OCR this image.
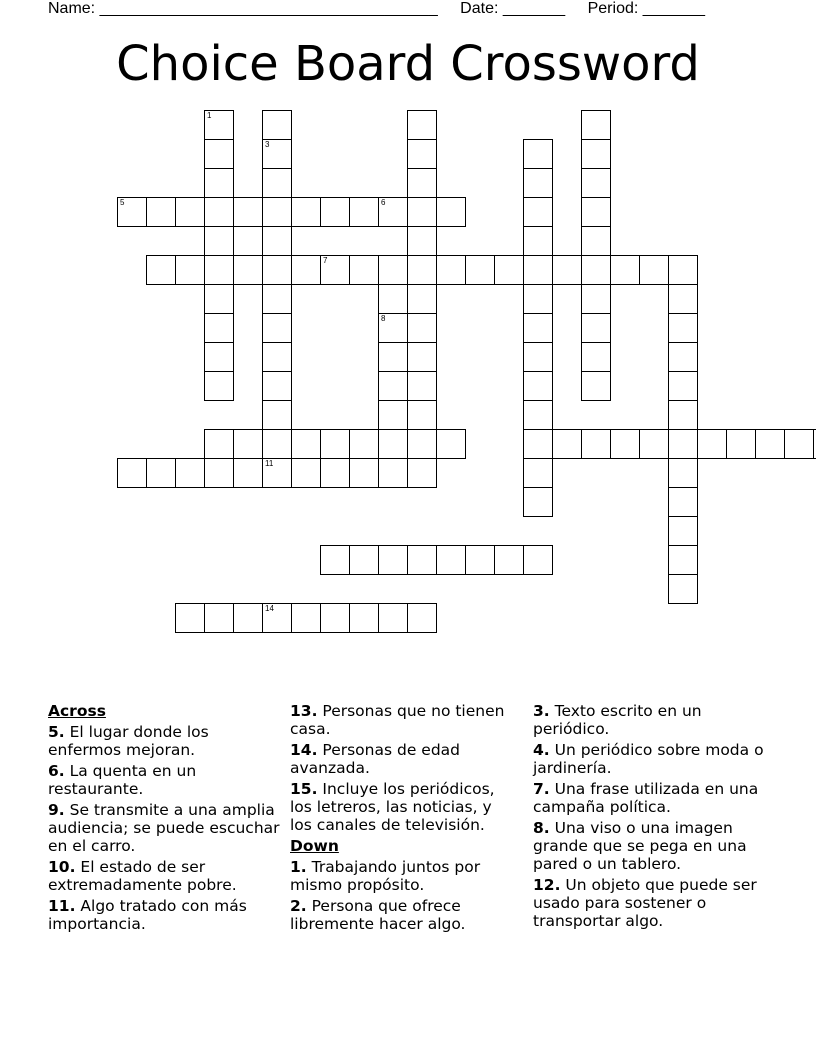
Name: ______________________________________ Date: _______ Period: _______
Choice Board Crossword
5	6
7
11
14
1
3
8
Across
5. El lugar donde los enfermos mejoran.
6. La quenta en un restaurante.
9. Se transmite a una amplia audiencia; se puede escuchar en el carro.
10. El estado de ser extremadamente pobre.
11. Algo tratado con más importancia.
13. Personas que no tienen casa.
14. Personas de edad avanzada.
15. Incluye los periódicos, los letreros, las noticias, y los canales de televisión.
Down
1. Trabajando juntos por mismo propósito.
2. Persona que ofrece libremente hacer algo.
3. Texto escrito en un periódico.
4. Un periódico sobre moda o jardinería.
7. Una frase utilizada en una campaña política.
8. Una viso o una imagen grande que se pega en una pared o un tablero.
12. Un objeto que puede ser usado para sostener o transportar algo.
